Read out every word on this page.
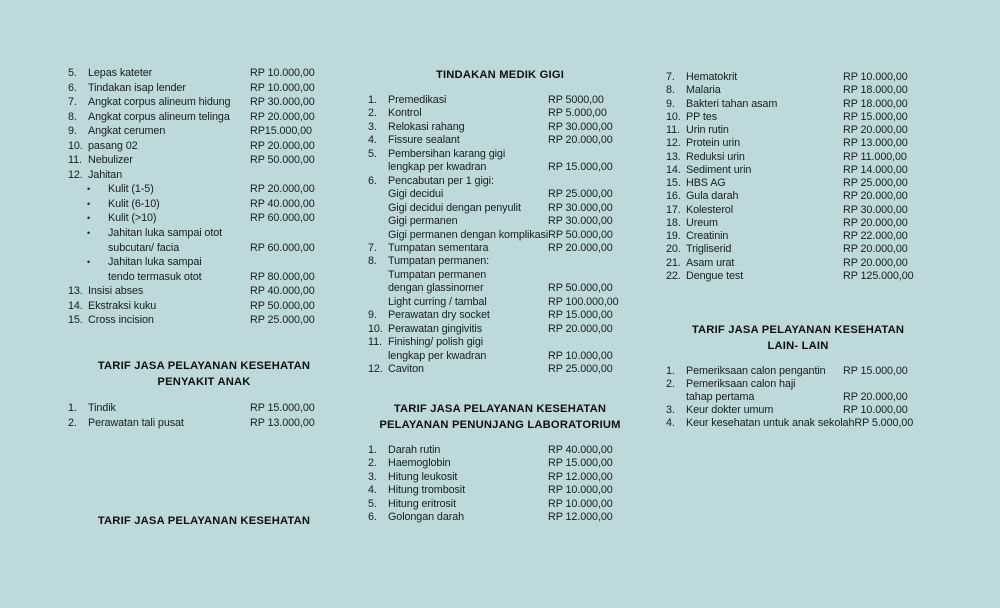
5.	Lepas kateter	RP 10.000,00
6.	Tindakan isap lender	RP 10.000,00
7.	Angkat corpus alineum hidung	RP 30.000,00
8.	Angkat corpus alineum telinga	RP 20.000,00
9.	Angkat cerumen	RP15.000,00
10. pasang 02	RP 20.000,00
11. Nebulizer	RP 50.000,00
12. Jahitan
•	Kulit (1-5)	RP 20.000,00
•	Kulit (6-10)	RP 40.000,00
•	Kulit (>10)	RP 60.000,00
•	Jahitan luka sampai otot
subcutan/ facia	RP 60.000,00
•	Jahitan luka sampai
tendo termasuk otot	RP 80.000,00
13. Insisi abses	RP 40.000,00
14. Ekstraksi kuku	RP 50.000,00
15. Cross incision	RP 25.000,00
TARIF JASA PELAYANAN KESEHATAN
PENYAKIT ANAK
1.	Tindik	RP 15.000,00
2.	Perawatan tali pusat	RP 13.000,00
TARIF JASA PELAYANAN KESEHATAN
TINDAKAN MEDIK GIGI
1.	Premedikasi	RP 5000,00
2.	Kontrol	RP 5.000,00
3.	Relokasi rahang	RP 30.000,00
4.	Fissure sealant	RP 20.000,00
5.	Pembersihan karang gigi
lengkap per kwadran	RP 15.000,00
6.	Pencabutan per 1 gigi:
Gigi decidui	RP 25.000,00
Gigi decidui dengan penyulit	RP 30.000,00
Gigi permanen	RP 30.000,00
Gigi permanen dengan komplikasi RP 50.000,00
7.	Tumpatan sementara	RP 20.000,00
8.	Tumpatan permanen:
Tumpatan permanen
dengan glassinomer	RP 50.000,00
Light curring / tambal	RP 100.000,00
9.	Perawatan dry socket	RP 15.000,00
10. Perawatan gingivitis	RP 20.000,00
11. Finishing/ polish gigi
lengkap per kwadran	RP 10.000,00
12. Caviton	RP 25.000,00
TARIF JASA PELAYANAN KESEHATAN
PELAYANAN PENUNJANG LABORATORIUM
1.	Darah rutin	RP 40.000,00
2.	Haemoglobin	RP 15.000,00
3.	Hitung leukosit	RP 12.000,00
4.	Hitung trombosit	RP 10.000,00
5.	Hitung eritrosit	RP 10.000,00
6.	Golongan darah	RP 12.000,00
7.	Hematokrit	RP 10.000,00
8.	Malaria	RP 18.000,00
9.	Bakteri tahan asam	RP 18.000,00
10. PP tes	RP 15.000,00
11. Urin rutin	RP 20.000,00
12. Protein urin	RP 13.000,00
13. Reduksi urin	RP 11.000,00
14. Sediment urin	RP 14.000,00
15. HBS AG	RP 25.000,00
16. Gula darah	RP 20.000,00
17. Kolesterol	RP 30.000,00
18. Ureum	RP 20.000,00
19. Creatinin	RP 22.000,00
20. Trigliserid	RP 20.000,00
21. Asam urat	RP 20.000,00
22. Dengue test	RP 125.000,00
TARIF JASA PELAYANAN KESEHATAN
LAIN- LAIN
1.	Pemeriksaan calon pengantin	RP 15.000,00
2.	Pemeriksaan calon haji
tahap pertama	RP 20.000,00
3.	Keur dokter umum	RP 10.000,00
4.	Keur kesehatan untuk anak sekolah RP 5.000,00
